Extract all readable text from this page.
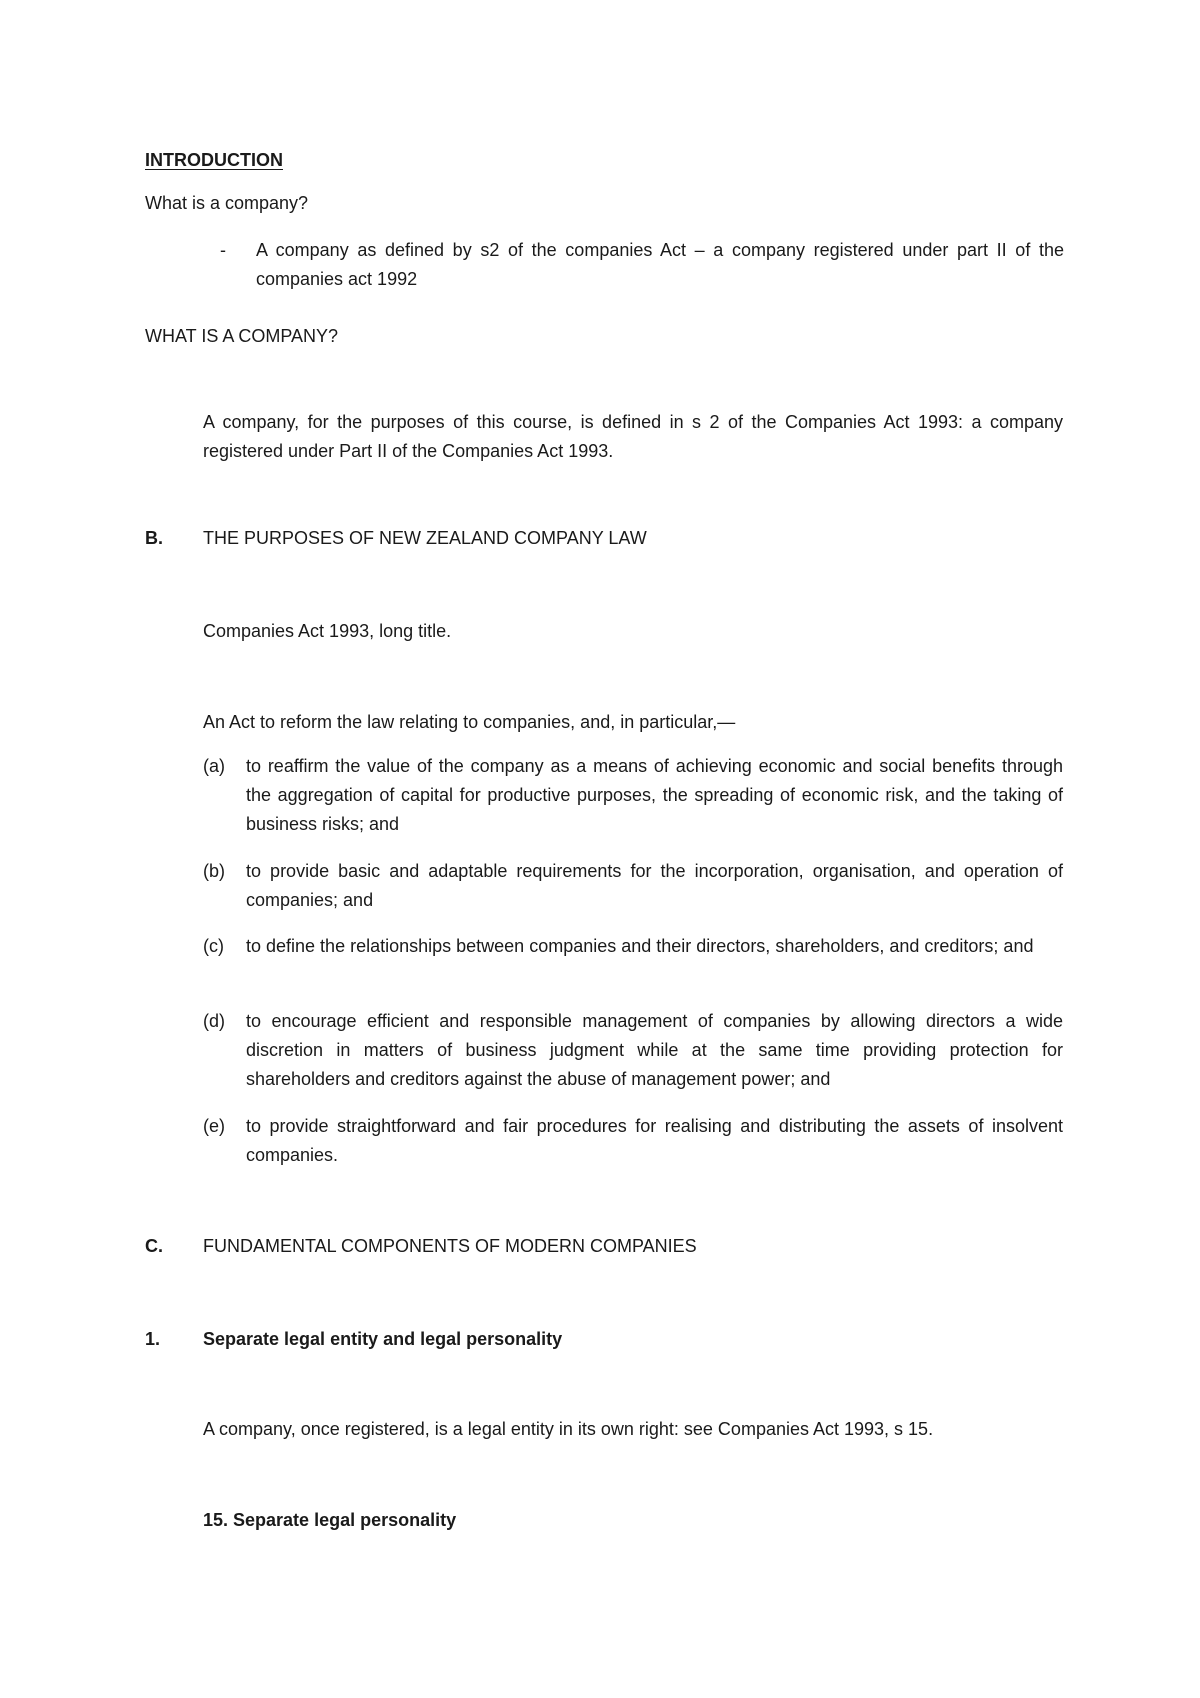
INTRODUCTION
What is a company?
- A company as defined by s2 of the companies Act – a company registered under part II of the companies act 1992
WHAT IS A COMPANY?
A company, for the purposes of this course, is defined in s 2 of the Companies Act 1993: a company registered under Part II of the Companies Act 1993.
B. THE PURPOSES OF NEW ZEALAND COMPANY LAW
Companies Act 1993, long title.
An Act to reform the law relating to companies, and, in particular,—
(a) to reaffirm the value of the company as a means of achieving economic and social benefits through the aggregation of capital for productive purposes, the spreading of economic risk, and the taking of business risks; and
(b) to provide basic and adaptable requirements for the incorporation, organisation, and operation of companies; and
(c) to define the relationships between companies and their directors, shareholders, and creditors; and
(d) to encourage efficient and responsible management of companies by allowing directors a wide discretion in matters of business judgment while at the same time providing protection for shareholders and creditors against the abuse of management power; and
(e) to provide straightforward and fair procedures for realising and distributing the assets of insolvent companies.
C. FUNDAMENTAL COMPONENTS OF MODERN COMPANIES
1. Separate legal entity and legal personality
A company, once registered, is a legal entity in its own right: see Companies Act 1993, s 15.
15. Separate legal personality
